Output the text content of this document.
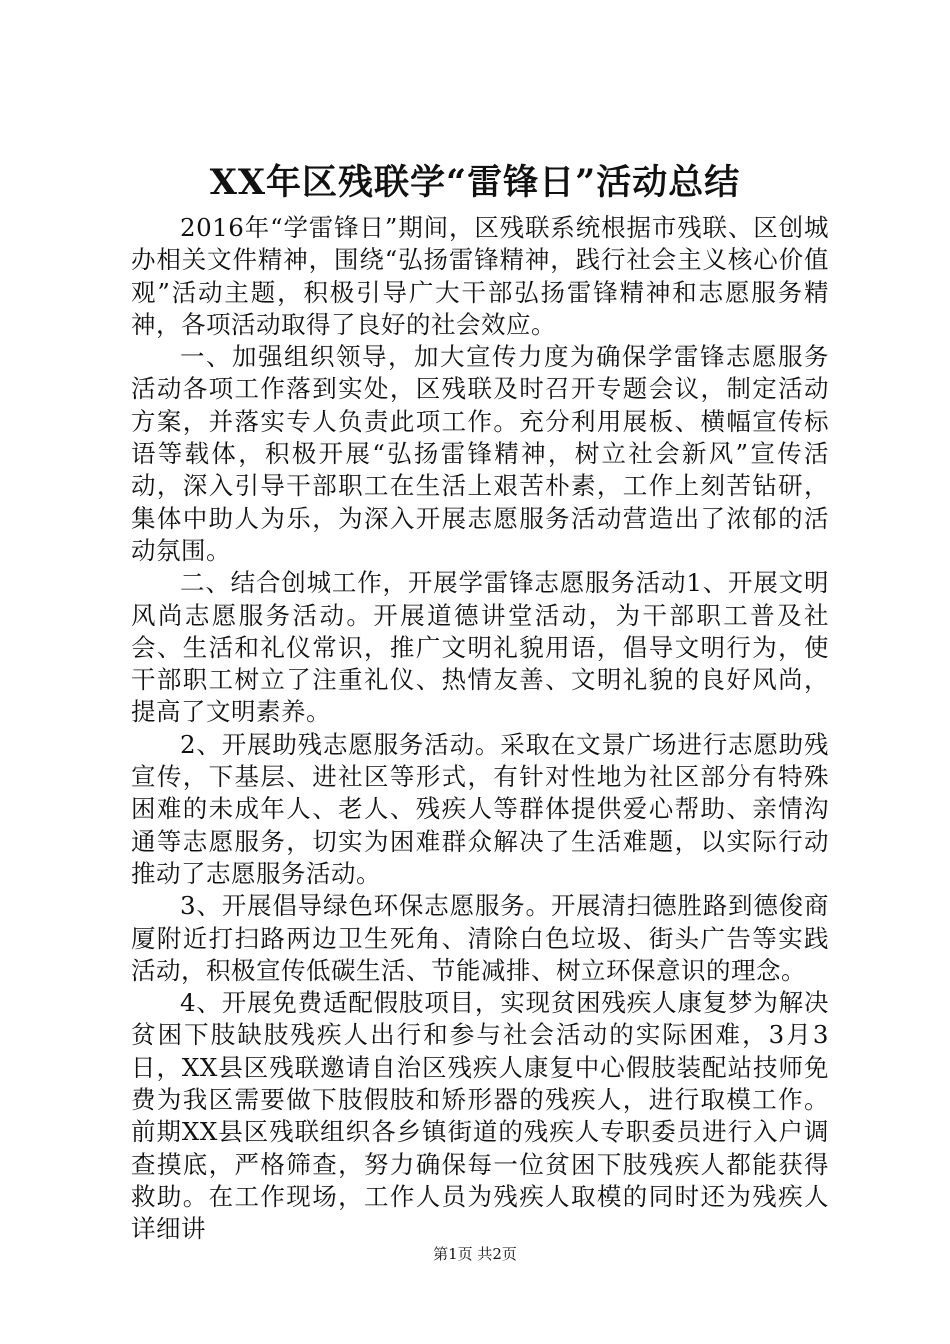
XX年区残联学“雷锋日”活动总结

2016年“学雷锋日”期间，区残联系统根据市残联、区创城办相关文件精神，围绕“弘扬雷锋精神，践行社会主义核心价值观”活动主题，积极引导广大干部弘扬雷锋精神和志愿服务精神，各项活动取得了良好的社会效应。

一、加强组织领导，加大宣传力度为确保学雷锋志愿服务活动各项工作落到实处，区残联及时召开专题会议，制定活动方案，并落实专人负责此项工作。充分利用展板、横幅宣传标语等载体，积极开展“弘扬雷锋精神，树立社会新风”宣传活动，深入引导干部职工在生活上艰苦朴素，工作上刻苦钻研，集体中助人为乐，为深入开展志愿服务活动营造出了浓郁的活动氛围。

二、结合创城工作，开展学雷锋志愿服务活动1、开展文明风尚志愿服务活动。开展道德讲堂活动，为干部职工普及社会、生活和礼仪常识，推广文明礼貌用语，倡导文明行为，使干部职工树立了注重礼仪、热情友善、文明礼貌的良好风尚，提高了文明素养。

2、开展助残志愿服务活动。采取在文景广场进行志愿助残宣传，下基层、进社区等形式，有针对性地为社区部分有特殊困难的未成年人、老人、残疾人等群体提供爱心帮助、亲情沟通等志愿服务，切实为困难群众解决了生活难题，以实际行动推动了志愿服务活动。

3、开展倡导绿色环保志愿服务。开展清扫德胜路到德俊商厦附近打扫路两边卫生死角、清除白色垃圾、街头广告等实践活动，积极宣传低碳生活、节能减排、树立环保意识的理念。

4、开展免费适配假肢项目，实现贫困残疾人康复梦为解决贫困下肢缺肢残疾人出行和参与社会活动的实际困难，3月3日，XX县区残联邀请自治区残疾人康复中心假肢装配站技师免费为我区需要做下肢假肢和矫形器的残疾人，进行取模工作。前期XX县区残联组织各乡镇街道的残疾人专职委员进行入户调查摸底，严格筛查，努力确保每一位贫困下肢残疾人都能获得救助。在工作现场，工作人员为残疾人取模的同时还为残疾人详细讲

第1页 共2页
